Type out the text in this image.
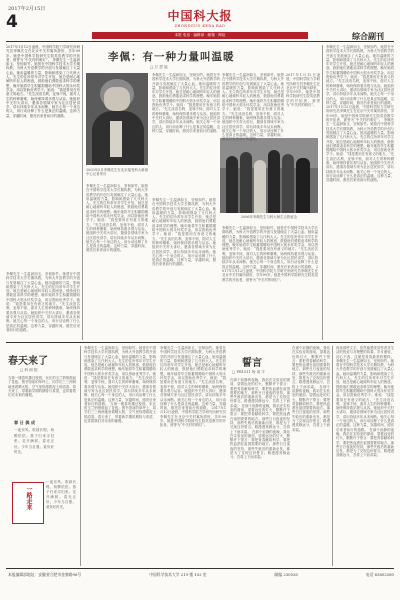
2017年2月15日
4	中国科大报
ZHONGGUO KEDA BAO
本报 电话 · 编辑部 · 邮箱 · 网址	综合副刊
2017年1月12日凌晨，中国科学院力学研究所研究员李佩先生在北京中关村寓所辞世，享年99岁。她是中国科学院研究生院英语教学的开拓者，被誉为“中关村的明灯”。 李佩先生一生温润如玉，坚韧如竹。她曾在中国科学技术大学长期执教，为科大外语教学的开创与发展倾注了大量心血。她用温暖的力量，影响和感染了几代科大人。先生的住所常年对学生开放，她总是耐心地倾听年轻人的困惑，鼓励他们勇敢追求科学的理想。晚年她将毕生积蓄捐赠给中国科大郭永怀奖学金，用以资助优秀学子。她说：“钱是要用在有意义的地方。”先生淡泊名利，宠辱不惊，面对人生的种种磨难，始终保持着乐观与从容。她组织中关村大讲坛，邀请各领域专家为社区居民讲学，讲坛持续多年从未间断。她关心每一个身边的人，用行动诠释了什么是真正的温暖。这种力量，穿越时间，照亮后来者前行的道路。
李佩先生一生温润如玉，坚韧如竹。她曾在中国科学技术大学长期执教，为科大外语教学的开创与发展倾注了大量心血。她用温暖的力量，影响和感染了几代科大人。先生的住所常年对学生开放，她总是耐心地倾听年轻人的困惑，鼓励他们勇敢追求科学的理想。晚年她将毕生积蓄捐赠给中国科大郭永怀奖学金，用以资助优秀学子。她说：“钱是要用在有意义的地方。”先生淡泊名利，宠辱不惊，面对人生的种种磨难，始终保持着乐观与从容。她组织中关村大讲坛，邀请各领域专家为社区居民讲学，讲坛持续多年从未间断。她关心每一个身边的人，用行动诠释了什么是真正的温暖。这种力量，穿越时间，照亮后来者前行的道路。
李佩：有一种力量叫温暖
□ 万 思 福
2003年5月李佩先生在北京接受科大新闻中心记者采访
李佩先生一生温润如玉，坚韧如竹。她曾在中国科学技术大学长期执教，为科大外语教学的开创与发展倾注了大量心血。她用温暖的力量，影响和感染了几代科大人。先生的住所常年对学生开放，她总是耐心地倾听年轻人的困惑，鼓励他们勇敢追求科学的理想。晚年她将毕生积蓄捐赠给中国科大郭永怀奖学金，用以资助优秀学子。她说：“钱是要用在有意义的地方。”先生淡泊名利，宠辱不惊，面对人生的种种磨难，始终保持着乐观与从容。她组织中关村大讲坛，邀请各领域专家为社区居民讲学，讲坛持续多年从未间断。她关心每一个身边的人，用行动诠释了什么是真正的温暖。这种力量，穿越时间，照亮后来者前行的道路。
李佩先生一生温润如玉，坚韧如竹。她曾在中国科学技术大学长期执教，为科大外语教学的开创与发展倾注了大量心血。她用温暖的力量，影响和感染了几代科大人。先生的住所常年对学生开放，她总是耐心地倾听年轻人的困惑，鼓励他们勇敢追求科学的理想。晚年她将毕生积蓄捐赠给中国科大郭永怀奖学金，用以资助优秀学子。她说：“钱是要用在有意义的地方。”先生淡泊名利，宠辱不惊，面对人生的种种磨难，始终保持着乐观与从容。她组织中关村大讲坛，邀请各领域专家为社区居民讲学，讲坛持续多年从未间断。她关心每一个身边的人，用行动诠释了什么是真正的温暖。这种力量，穿越时间，照亮后来者前行的道路。
李佩先生一生温润如玉，坚韧如竹。她曾在中国科学技术大学长期执教，为科大外语教学的开创与发展倾注了大量心血。她用温暖的力量，影响和感染了几代科大人。先生的住所常年对学生开放，她总是耐心地倾听年轻人的困惑，鼓励他们勇敢追求科学的理想。晚年她将毕生积蓄捐赠给中国科大郭永怀奖学金，用以资助优秀学子。她说：“钱是要用在有意义的地方。”先生淡泊名利，宠辱不惊，面对人生的种种磨难，始终保持着乐观与从容。她组织中关村大讲坛，邀请各领域专家为社区居民讲学，讲坛持续多年从未间断。她关心每一个身边的人，用行动诠释了什么是真正的温暖。这种力量，穿越时间，照亮后来者前行的道路。
2006年李佩先生与科大师生合影留念
李佩先生一生温润如玉，坚韧如竹。她曾在中国科学技术大学长期执教，为科大外语教学的开创与发展倾注了大量心血。她用温暖的力量，影响和感染了几代科大人。先生的住所常年对学生开放，她总是耐心地倾听年轻人的困惑，鼓励他们勇敢追求科学的理想。晚年她将毕生积蓄捐赠给中国科大郭永怀奖学金，用以资助优秀学子。她说：“钱是要用在有意义的地方。”先生淡泊名利，宠辱不惊，面对人生的种种磨难，始终保持着乐观与从容。她组织中关村大讲坛，邀请各领域专家为社区居民讲学，讲坛持续多年从未间断。她关心每一个身边的人，用行动诠释了什么是真正的温暖。这种力量，穿越时间，照亮后来者前行的道路。
李佩先生一生温润如玉，坚韧如竹。她曾在中国科学技术大学长期执教，为科大外语教学的开创与发展倾注了大量心血。她用温暖的力量，影响和感染了几代科大人。先生的住所常年对学生开放，她总是耐心地倾听年轻人的困惑，鼓励他们勇敢追求科学的理想。晚年她将毕生积蓄捐赠给中国科大郭永怀奖学金，用以资助优秀学子。她说：“钱是要用在有意义的地方。”先生淡泊名利，宠辱不惊，面对人生的种种磨难，始终保持着乐观与从容。她组织中关村大讲坛，邀请各领域专家为社区居民讲学，讲坛持续多年从未间断。她关心每一个身边的人，用行动诠释了什么是真正的温暖。这种力量，穿越时间，照亮后来者前行的道路。 2017年1月12日凌晨，中国科学院力学研究所研究员李佩先生在北京中关村寓所辞世，享年99岁。她是中国科学院研究生院英语教学的开拓者，被誉为“中关村的明灯”。
2017年1月12日凌晨，中国科学院力学研究所研究员李佩先生在北京中关村寓所辞世，享年99岁。她是中国科学院研究生院英语教学的开拓者，被誉为“中关村的明灯”。
李佩先生一生温润如玉，坚韧如竹。她曾在中国科学技术大学长期执教，为科大外语教学的开创与发展倾注了大量心血。她用温暖的力量，影响和感染了几代科大人。先生的住所常年对学生开放，她总是耐心地倾听年轻人的困惑，鼓励他们勇敢追求科学的理想。晚年她将毕生积蓄捐赠给中国科大郭永怀奖学金，用以资助优秀学子。她说：“钱是要用在有意义的地方。”先生淡泊名利，宠辱不惊，面对人生的种种磨难，始终保持着乐观与从容。她组织中关村大讲坛，邀请各领域专家为社区居民讲学，讲坛持续多年从未间断。她关心每一个身边的人，用行动诠释了什么是真正的温暖。这种力量，穿越时间，照亮后来者前行的道路。 2017年1月12日凌晨，中国科学院力学研究所研究员李佩先生在北京中关村寓所辞世，享年99岁。她是中国科学院研究生院英语教学的开拓者，被誉为“中关村的明灯”。 李佩先生一生温润如玉，坚韧如竹。她曾在中国科学技术大学长期执教，为科大外语教学的开创与发展倾注了大量心血。她用温暖的力量，影响和感染了几代科大人。先生的住所常年对学生开放，她总是耐心地倾听年轻人的困惑，鼓励他们勇敢追求科学的理想。晚年她将毕生积蓄捐赠给中国科大郭永怀奖学金，用以资助优秀学子。她说：“钱是要用在有意义的地方。”先生淡泊名利，宠辱不惊，面对人生的种种磨难，始终保持着乐观与从容。她组织中关村大讲坛，邀请各领域专家为社区居民讲学，讲坛持续多年从未间断。她关心每一个身边的人，用行动诠释了什么是真正的温暖。这种力量，穿越时间，照亮后来者前行的道路。
春天来了
□ 科 研 院
当第一缕春风拂过校园，东区的玉兰悄悄鼓起了花苞。图书馆前的草坪上，同学们三三两两地坐着晒太阳，空气里弥漫着泥土的清香。春天来了，带着新学期的期待与希望，也带着我们对未来的憧憬。
春 日 偶 成
一夜东风。吹绿长堤。杨柳依依。燕子归来寻旧垒。花开满树。春光正好。少年当自强。莫负好时光。
一路走来
一夜东风。吹绿长堤。杨柳依依。燕子归来寻旧垒。花开满树。春光正好。少年当自强。莫负好时光。
李佩先生一生温润如玉，坚韧如竹。她曾在中国科学技术大学长期执教，为科大外语教学的开创与发展倾注了大量心血。她用温暖的力量，影响和感染了几代科大人。先生的住所常年对学生开放，她总是耐心地倾听年轻人的困惑，鼓励他们勇敢追求科学的理想。晚年她将毕生积蓄捐赠给中国科大郭永怀奖学金，用以资助优秀学子。她说：“钱是要用在有意义的地方。”先生淡泊名利，宠辱不惊，面对人生的种种磨难，始终保持着乐观与从容。她组织中关村大讲坛，邀请各领域专家为社区居民讲学，讲坛持续多年从未间断。她关心每一个身边的人，用行动诠释了什么是真正的温暖。这种力量，穿越时间，照亮后来者前行的道路。 当第一缕春风拂过校园，东区的玉兰悄悄鼓起了花苞。图书馆前的草坪上，同学们三三两两地坐着晒太阳，空气里弥漫着泥土的清香。春天来了，带着新学期的期待与希望，也带着我们对未来的憧憬。
李佩先生一生温润如玉，坚韧如竹。她曾在中国科学技术大学长期执教，为科大外语教学的开创与发展倾注了大量心血。她用温暖的力量，影响和感染了几代科大人。先生的住所常年对学生开放，她总是耐心地倾听年轻人的困惑，鼓励他们勇敢追求科学的理想。晚年她将毕生积蓄捐赠给中国科大郭永怀奖学金，用以资助优秀学子。她说：“钱是要用在有意义的地方。”先生淡泊名利，宠辱不惊，面对人生的种种磨难，始终保持着乐观与从容。她组织中关村大讲坛，邀请各领域专家为社区居民讲学，讲坛持续多年从未间断。她关心每一个身边的人，用行动诠释了什么是真正的温暖。这种力量，穿越时间，照亮后来者前行的道路。 2017年1月12日凌晨，中国科学院力学研究所研究员李佩先生在北京中关村寓所辞世，享年99岁。她是中国科学院研究生院英语教学的开拓者，被誉为“中关村的明灯”。
誓言
□ PB1511 杨 成 宇
在那个寂静的夜晚，我站在实验室的窗前，望着远处的灯火，默默许下誓言：要把青春献给科学，要把热血洒在祖国需要的地方。那些日日夜夜的坚持，那些失败后的重新出发，都是为了兑现这份誓言。路漫漫其修远兮，吾将上下而求索。 在那个寂静的夜晚，我站在实验室的窗前，望着远处的灯火，默默许下誓言：要把青春献给科学，要把热血洒在祖国需要的地方。那些日日夜夜的坚持，那些失败后的重新出发，都是为了兑现这份誓言。路漫漫其修远兮，吾将上下而求索。 在那个寂静的夜晚，我站在实验室的窗前，望着远处的灯火，默默许下誓言：要把青春献给科学，要把热血洒在祖国需要的地方。那些日日夜夜的坚持，那些失败后的重新出发，都是为了兑现这份誓言。路漫漫其修远兮，吾将上下而求索。
在那个寂静的夜晚，我站在实验室的窗前，望着远处的灯火，默默许下誓言：要把青春献给科学，要把热血洒在祖国需要的地方。那些日日夜夜的坚持，那些失败后的重新出发，都是为了兑现这份誓言。路漫漫其修远兮，吾将上下而求索。 在那个寂静的夜晚，我站在实验室的窗前，望着远处的灯火，默默许下誓言：要把青春献给科学，要把热血洒在祖国需要的地方。那些日日夜夜的坚持，那些失败后的重新出发，都是为了兑现这份誓言。路漫漫其修远兮，吾将上下而求索。
再读那些文字，依然能感受到作者对生活的热爱与对理想的执着。岁月流转，初心不改，这便是青春最美的模样。 李佩先生一生温润如玉，坚韧如竹。她曾在中国科学技术大学长期执教，为科大外语教学的开创与发展倾注了大量心血。她用温暖的力量，影响和感染了几代科大人。先生的住所常年对学生开放，她总是耐心地倾听年轻人的困惑，鼓励他们勇敢追求科学的理想。晚年她将毕生积蓄捐赠给中国科大郭永怀奖学金，用以资助优秀学子。她说：“钱是要用在有意义的地方。”先生淡泊名利，宠辱不惊，面对人生的种种磨难，始终保持着乐观与从容。她组织中关村大讲坛，邀请各领域专家为社区居民讲学，讲坛持续多年从未间断。她关心每一个身边的人，用行动诠释了什么是真正的温暖。这种力量，穿越时间，照亮后来者前行的道路。 在那个寂静的夜晚，我站在实验室的窗前，望着远处的灯火，默默许下誓言：要把青春献给科学，要把热血洒在祖国需要的地方。那些日日夜夜的坚持，那些失败后的重新出发，都是为了兑现这份誓言。路漫漫其修远兮，吾将上下而求索。
本报编辑部地址：安徽省合肥市金寨路96号	中国科学技术大学 219 楼 102 室	邮编 230026	电话 63602580
